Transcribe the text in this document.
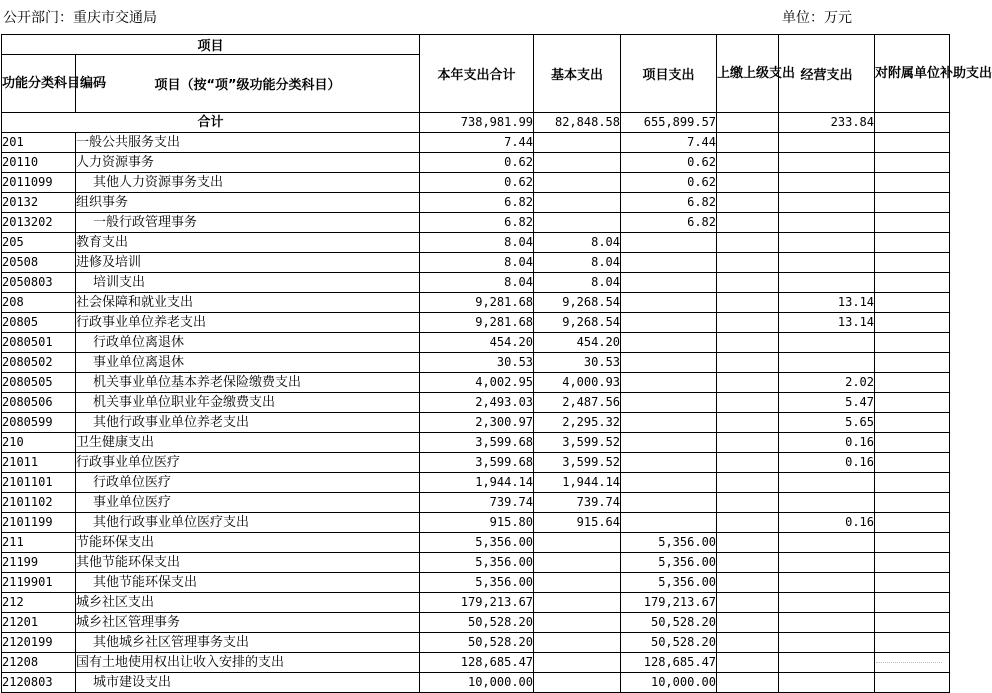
公开部门：重庆市交通局	单位：万元
项目		本年支出合计	基本支出	项目支出	上缴上级支出	经营支出	对附属单位补助支出
功能分类科目编码	项目（按“项”级功能分类科目）						
合计		738,981.99	82,848.58	655,899.57		233.84	
201	一般公共服务支出	7.44		7.44			
20110	人力资源事务	0.62		0.62			
2011099	其他人力资源事务支出	0.62		0.62			
20132	组织事务	6.82		6.82			
2013202	一般行政管理事务	6.82		6.82			
205	教育支出	8.04	8.04				
20508	进修及培训	8.04	8.04				
2050803	培训支出	8.04	8.04				
208	社会保障和就业支出	9,281.68	9,268.54			13.14	
20805	行政事业单位养老支出	9,281.68	9,268.54			13.14	
2080501	行政单位离退休	454.20	454.20				
2080502	事业单位离退休	30.53	30.53				
2080505	机关事业单位基本养老保险缴费支出	4,002.95	4,000.93			2.02	
2080506	机关事业单位职业年金缴费支出	2,493.03	2,487.56			5.47	
2080599	其他行政事业单位养老支出	2,300.97	2,295.32			5.65	
210	卫生健康支出	3,599.68	3,599.52			0.16	
21011	行政事业单位医疗	3,599.68	3,599.52			0.16	
2101101	行政单位医疗	1,944.14	1,944.14				
2101102	事业单位医疗	739.74	739.74				
2101199	其他行政事业单位医疗支出	915.80	915.64			0.16	
211	节能环保支出	5,356.00		5,356.00			
21199	其他节能环保支出	5,356.00		5,356.00			
2119901	其他节能环保支出	5,356.00		5,356.00			
212	城乡社区支出	179,213.67		179,213.67			
21201	城乡社区管理事务	50,528.20		50,528.20			
2120199	其他城乡社区管理事务支出	50,528.20		50,528.20			
21208	国有土地使用权出让收入安排的支出	128,685.47		128,685.47			
2120803	城市建设支出	10,000.00		10,000.00			
